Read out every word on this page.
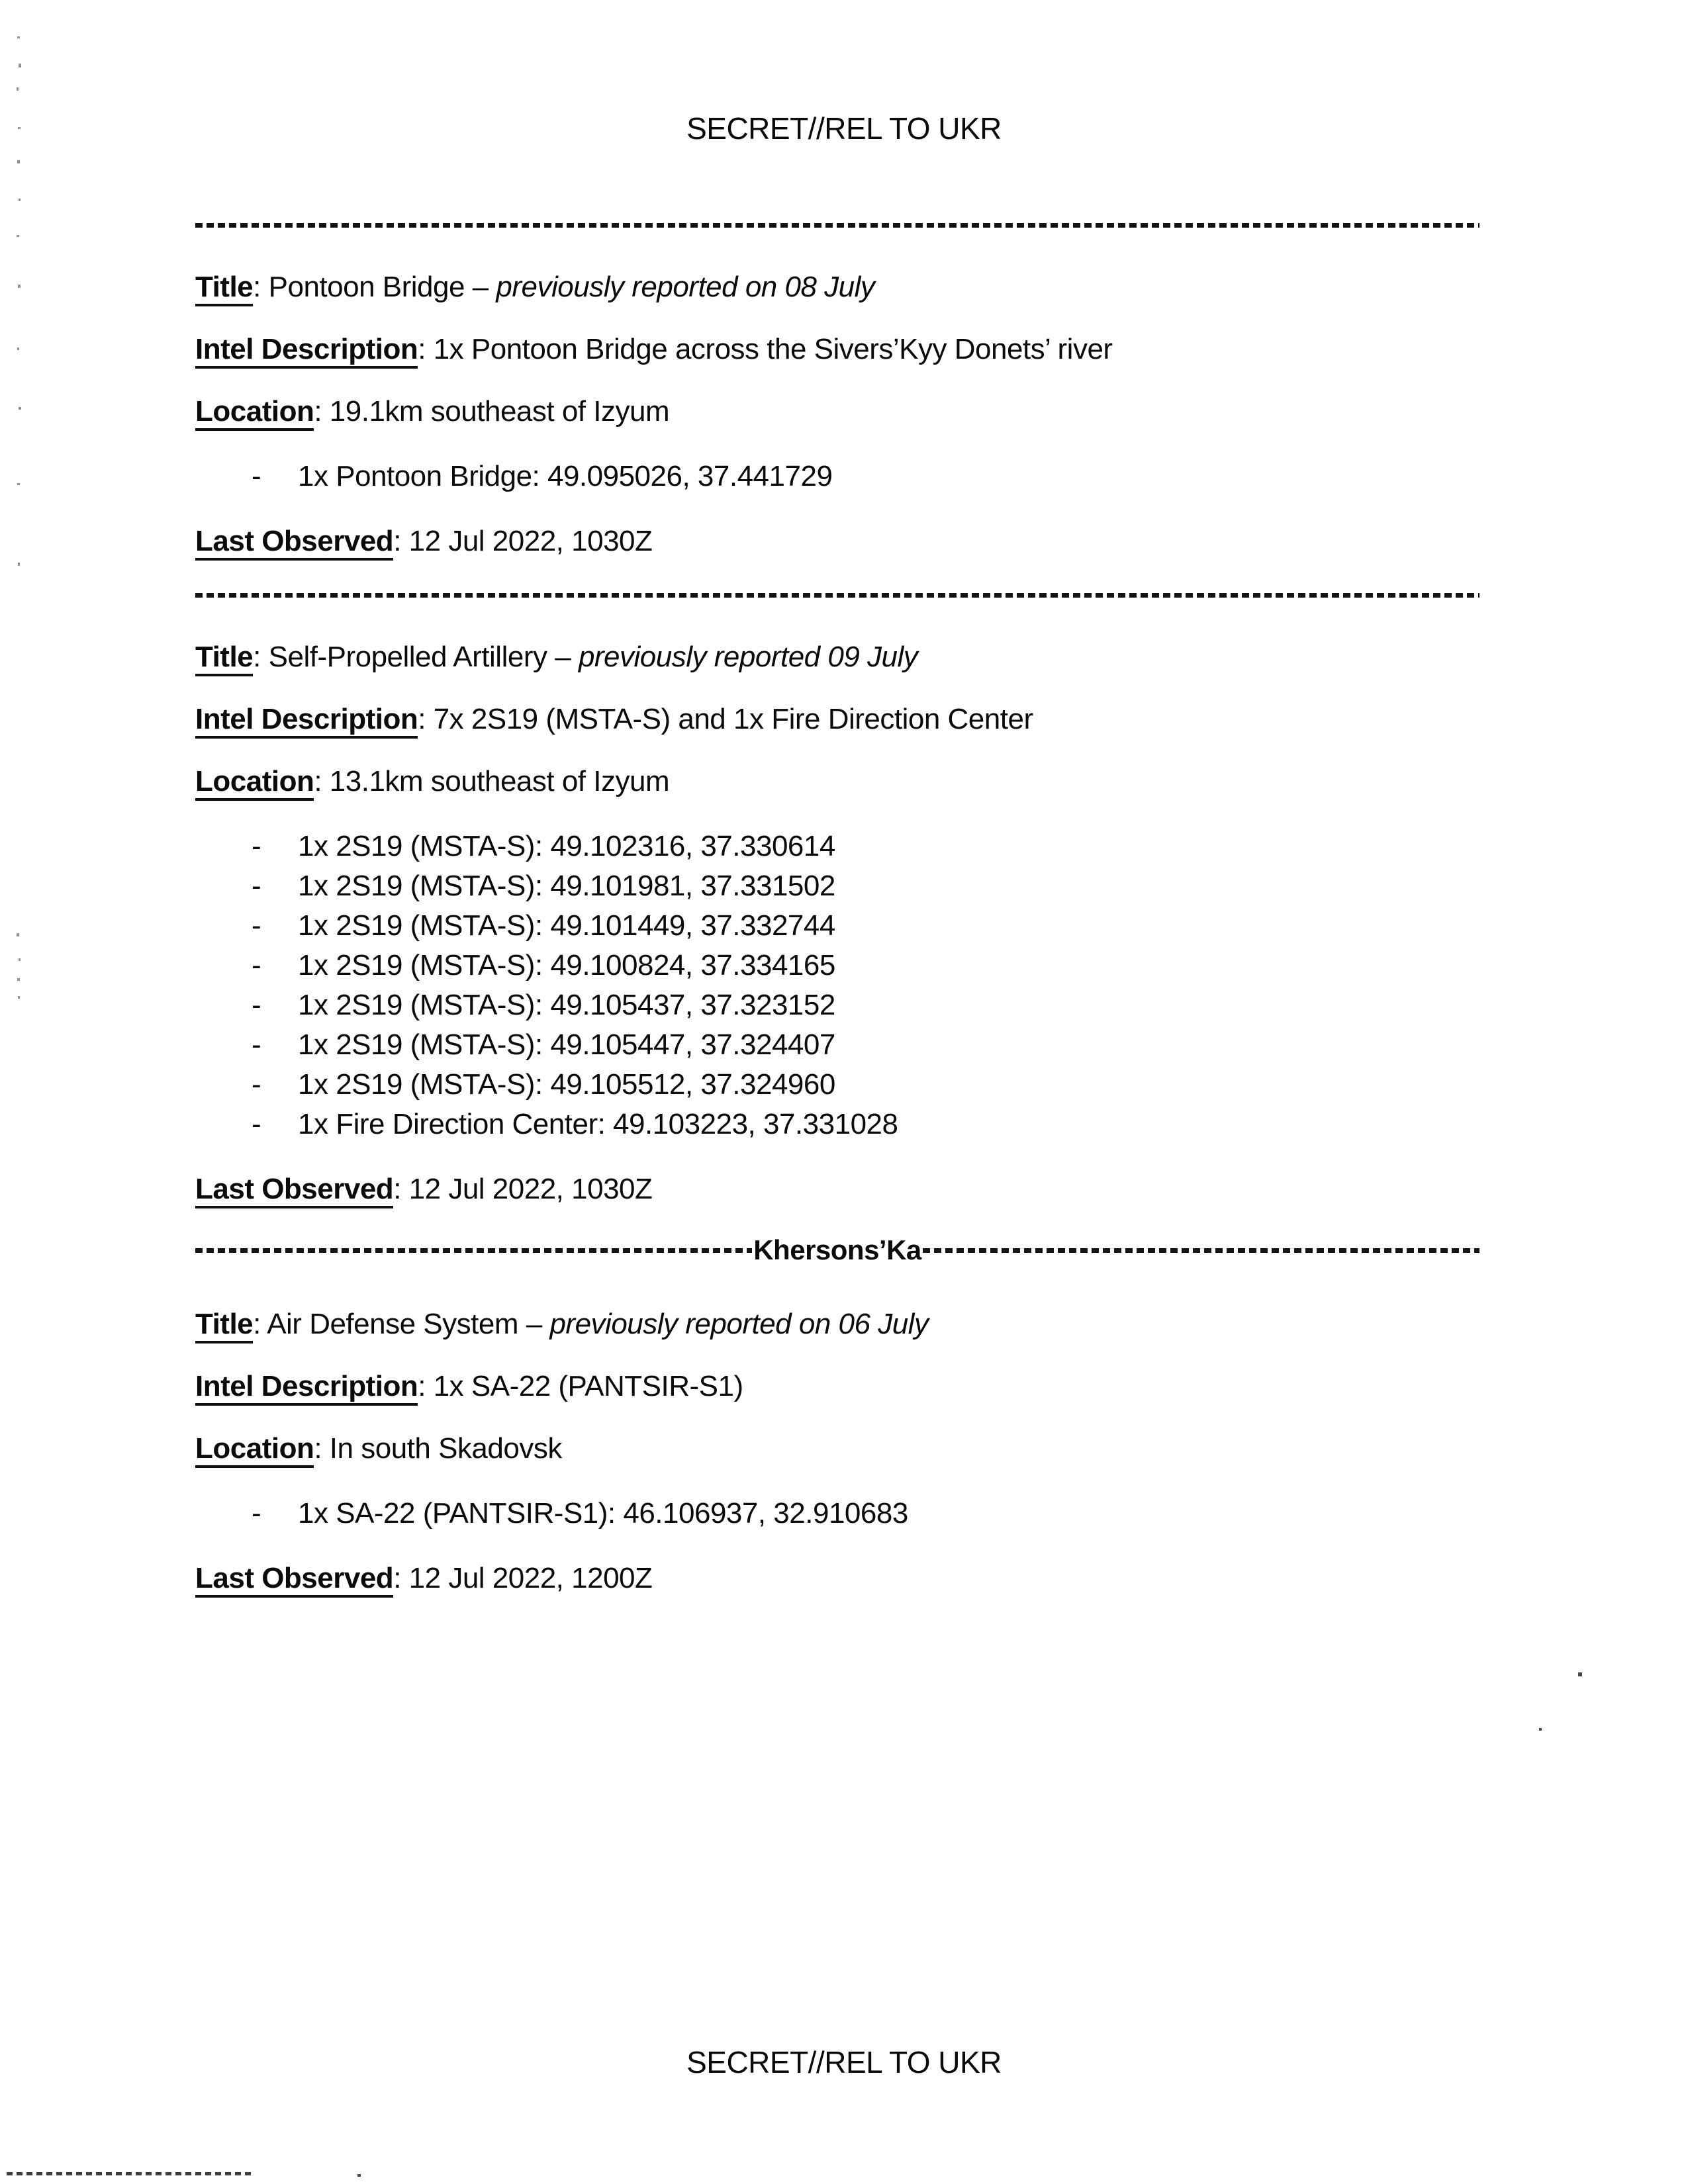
SECRET//REL TO UKR

Title: Pontoon Bridge – previously reported on 08 July

Intel Description: 1x Pontoon Bridge across the Sivers’Kyy Donets’ river

Location: 19.1km southeast of Izyum

- 1x Pontoon Bridge: 49.095026, 37.441729

Last Observed: 12 Jul 2022, 1030Z

Title: Self-Propelled Artillery – previously reported 09 July

Intel Description: 7x 2S19 (MSTA-S) and 1x Fire Direction Center

Location: 13.1km southeast of Izyum

- 1x 2S19 (MSTA-S): 49.102316, 37.330614
- 1x 2S19 (MSTA-S): 49.101981, 37.331502
- 1x 2S19 (MSTA-S): 49.101449, 37.332744
- 1x 2S19 (MSTA-S): 49.100824, 37.334165
- 1x 2S19 (MSTA-S): 49.105437, 37.323152
- 1x 2S19 (MSTA-S): 49.105447, 37.324407
- 1x 2S19 (MSTA-S): 49.105512, 37.324960
- 1x Fire Direction Center: 49.103223, 37.331028

Last Observed: 12 Jul 2022, 1030Z

Khersons’Ka

Title: Air Defense System – previously reported on 06 July

Intel Description: 1x SA-22 (PANTSIR-S1)

Location: In south Skadovsk

- 1x SA-22 (PANTSIR-S1): 46.106937, 32.910683

Last Observed: 12 Jul 2022, 1200Z

SECRET//REL TO UKR
